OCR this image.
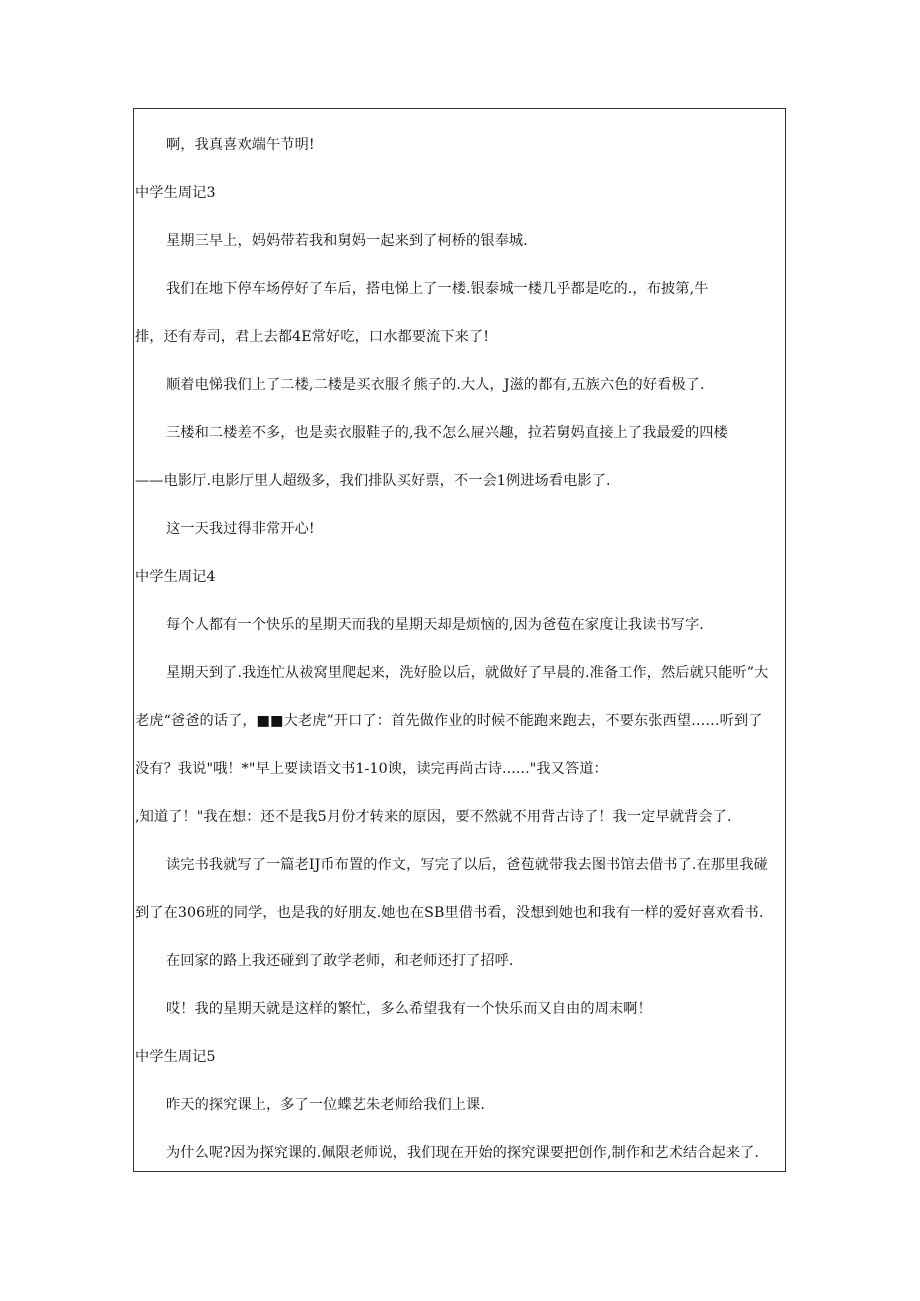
啊，我真喜欢端午节明!
中学生周记3
星期三早上，妈妈带若我和舅妈一起来到了柯桥的银奉城.
我们在地下停车场停好了车后，搭电悌上了一楼.银泰城一楼几乎都是吃的.，布披第,牛
排，还有寿司，君上去都4E常好吃，口水都要流下来了!
顺着电悌我们上了二楼,二楼是买衣服彳熊子的.大人，J滋的都有,五族六色的好看极了.
三楼和二楼差不多，也是卖衣服鞋子的,我不怎么屉兴趣，拉若舅妈直接上了我最爱的四楼
——电影厅.电影厅里人超级多，我们排队买好票，不一会1例进场看电影了.
这一天我过得非常开心!
中学生周记4
每个人都有一个快乐的星期天而我的星期天却是烦恼的,因为爸苞在家度让我读书写字.
星期天到了.我连忙从祓窝里爬起来，洗好脸以后，就做好了早晨的.准备工作，然后就只能听”大
老虎“爸爸的话了，■■大老虎”开口了：首先做作业的时候不能跑来跑去，不要东张西望……听到了
没有？我说"哦！*"早上要读语文书1-10谀，读完再尚古诗......"我又答道：
,知道了！"我在想：还不是我5月份才转来的原因，要不然就不用背古诗了！我一定早就背会了.
读完书我就写了一篇老IJ币布置的作文，写完了以后，爸苞就带我去图书馆去借书了.在那里我碰
到了在306班的同学，也是我的好朋友.她也在SB里借书看，没想到她也和我有一样的爱好喜欢看书.
在回家的路上我还碰到了敢学老师，和老师还打了招呼.
哎！我的星期天就是这样的繁忙，多么希望我有一个快乐而又自由的周末啊！
中学生周记5
昨天的探究课上，多了一位蝶艺朱老师给我们上课.
为什么呢?因为探究课的.佩限老师说，我们现在开始的探究课要把创作,制作和艺术结合起来了.
